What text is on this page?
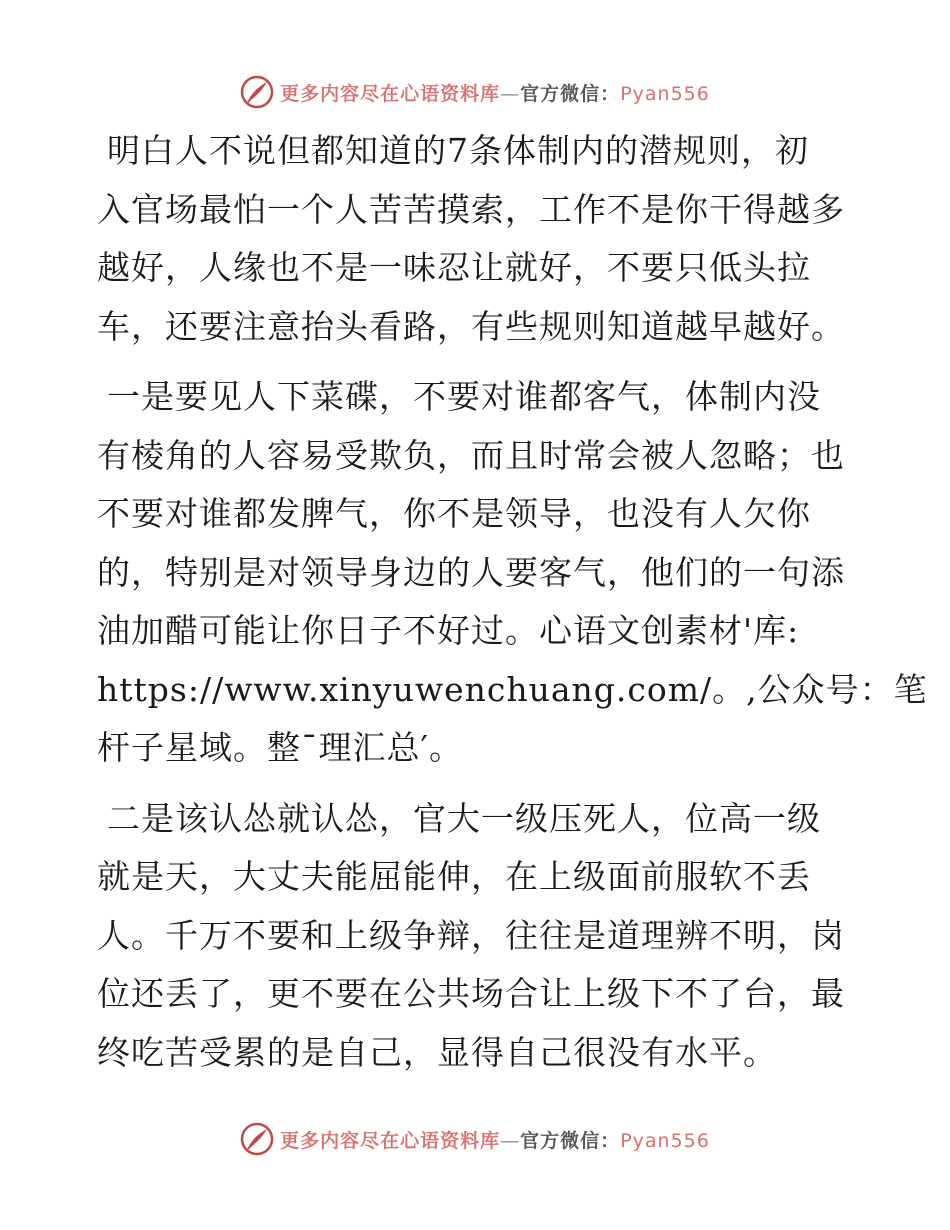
更多内容尽在心语资料库—官方微信：Pyan556
明白人不说但都知道的7条体制内的潜规则，初
入官场最怕一个人苦苦摸索，工作不是你干得越多
越好，人缘也不是一味忍让就好，不要只低头拉
车，还要注意抬头看路，有些规则知道越早越好。
一是要见人下菜碟，不要对谁都客气，体制内没
有棱角的人容易受欺负，而且时常会被人忽略；也
不要对谁都发脾气，你不是领导，也没有人欠你
的，特别是对领导身边的人要客气，他们的一句添
油加醋可能让你日子不好过。心语文创素材'库:
https://www.xinyuwenchuang.com/。,公众号：笔
杆子星域。整¯理汇总′。
二是该认怂就认怂，官大一级压死人，位高一级
就是天，大丈夫能屈能伸，在上级面前服软不丢
人。千万不要和上级争辩，往往是道理辨不明，岗
位还丢了，更不要在公共场合让上级下不了台，最
终吃苦受累的是自己，显得自己很没有水平。
更多内容尽在心语资料库—官方微信：Pyan556
